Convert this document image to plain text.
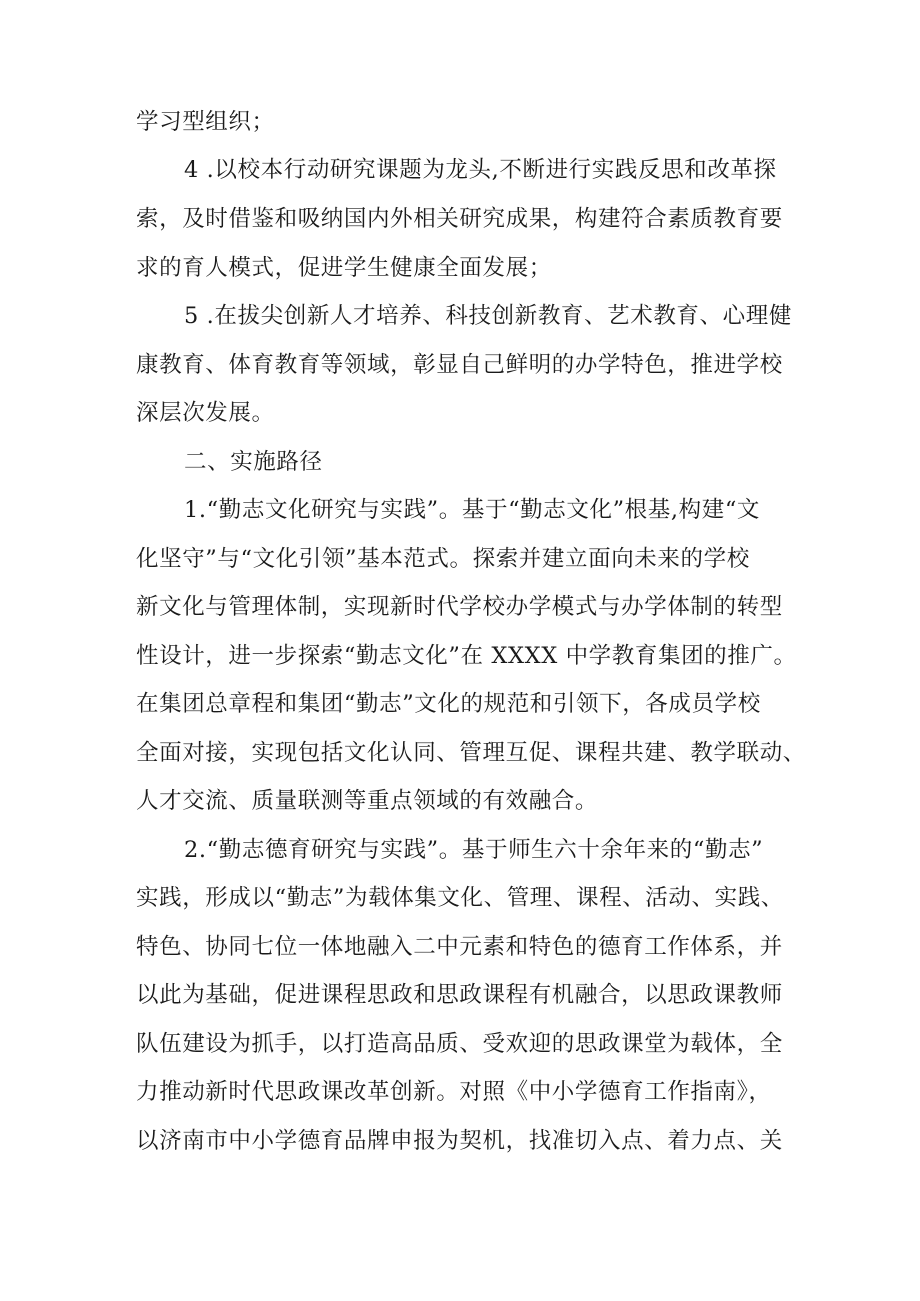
学习型组织；
4 .以校本行动研究课题为龙头,不断进行实践反思和改革探
索，及时借鉴和吸纳国内外相关研究成果，构建符合素质教育要
求的育人模式，促进学生健康全面发展；
5 .在拔尖创新人才培养、科技创新教育、艺术教育、心理健
康教育、体育教育等领域，彰显自己鲜明的办学特色，推进学校
深层次发展。
二、实施路径
1.“勤志文化研究与实践”。基于“勤志文化”根基,构建“文
化坚守”与“文化引领”基本范式。探索并建立面向未来的学校
新文化与管理体制，实现新时代学校办学模式与办学体制的转型
性设计，进一步探索“勤志文化”在 XXXX 中学教育集团的推广。
在集团总章程和集团“勤志”文化的规范和引领下，各成员学校
全面对接，实现包括文化认同、管理互促、课程共建、教学联动、
人才交流、质量联测等重点领域的有效融合。
2.“勤志德育研究与实践”。基于师生六十余年来的“勤志”
实践，形成以“勤志”为载体集文化、管理、课程、活动、实践、
特色、协同七位一体地融入二中元素和特色的德育工作体系，并
以此为基础，促进课程思政和思政课程有机融合，以思政课教师
队伍建设为抓手，以打造高品质、受欢迎的思政课堂为载体，全
力推动新时代思政课改革创新。对照《中小学德育工作指南》，
以济南市中小学德育品牌申报为契机，找准切入点、着力点、关
